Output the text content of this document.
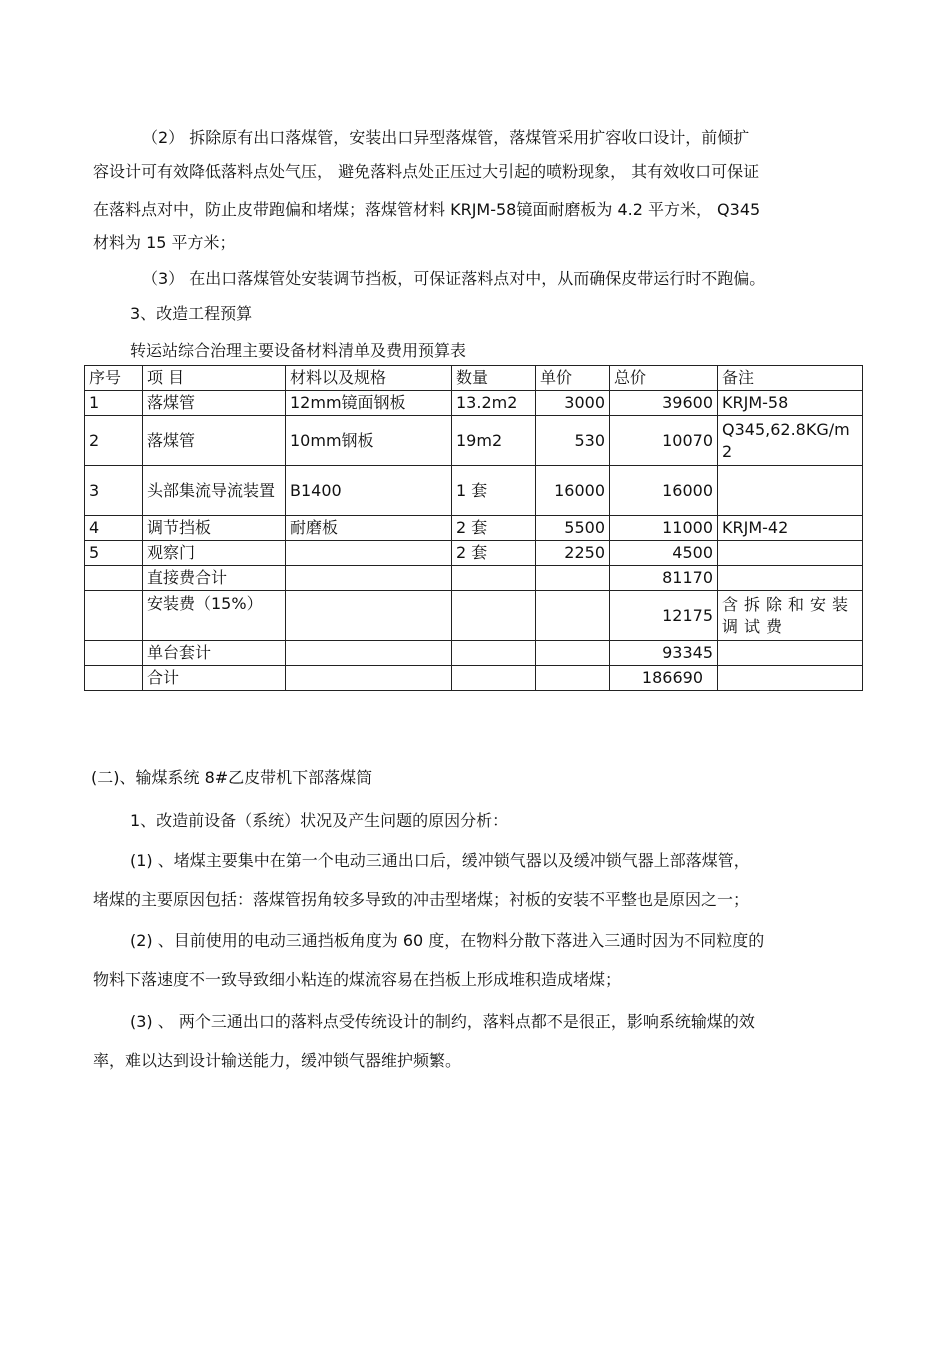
（2） 拆除原有出口落煤管，安装出口异型落煤管，落煤管采用扩容收口设计，前倾扩
容设计可有效降低落料点处气压， 避免落料点处正压过大引起的喷粉现象， 其有效收口可保证
在落料点对中，防止皮带跑偏和堵煤；落煤管材料 KRJM-58镜面耐磨板为 4.2 平方米， Q345
材料为 15 平方米；
（3） 在出口落煤管处安装调节挡板，可保证落料点对中，从而确保皮带运行时不跑偏。
3、改造工程预算
转运站综合治理主要设备材料清单及费用预算表
序号	项 目	材料以及规格	数量	单价	总价	备注
1	落煤管	12mm镜面钢板	13.2m2	3000	39600	KRJM-58
2	落煤管	10mm钢板	19m2	530	10070	Q345,62.8KG/m2
3	头部集流导流装置	B1400	1 套	16000	16000	
4	调节挡板	耐磨板	2 套	5500	11000	KRJM-42
5	观察门		2 套	2250	4500	
	直接费合计				81170	
	安装费（15%）				12175	含拆除和安装调试费
	单台套计				93345	
	合计				186690	
(二)、输煤系统 8#乙皮带机下部落煤筒
1、改造前设备（系统）状况及产生问题的原因分析：
(1) 、堵煤主要集中在第一个电动三通出口后，缓冲锁气器以及缓冲锁气器上部落煤管，
堵煤的主要原因包括：落煤管拐角较多导致的冲击型堵煤；衬板的安装不平整也是原因之一；
(2) 、目前使用的电动三通挡板角度为 60 度，在物料分散下落进入三通时因为不同粒度的
物料下落速度不一致导致细小粘连的煤流容易在挡板上形成堆积造成堵煤；
(3) 、 两个三通出口的落料点受传统设计的制约，落料点都不是很正，影响系统输煤的效
率，难以达到设计输送能力，缓冲锁气器维护频繁。
